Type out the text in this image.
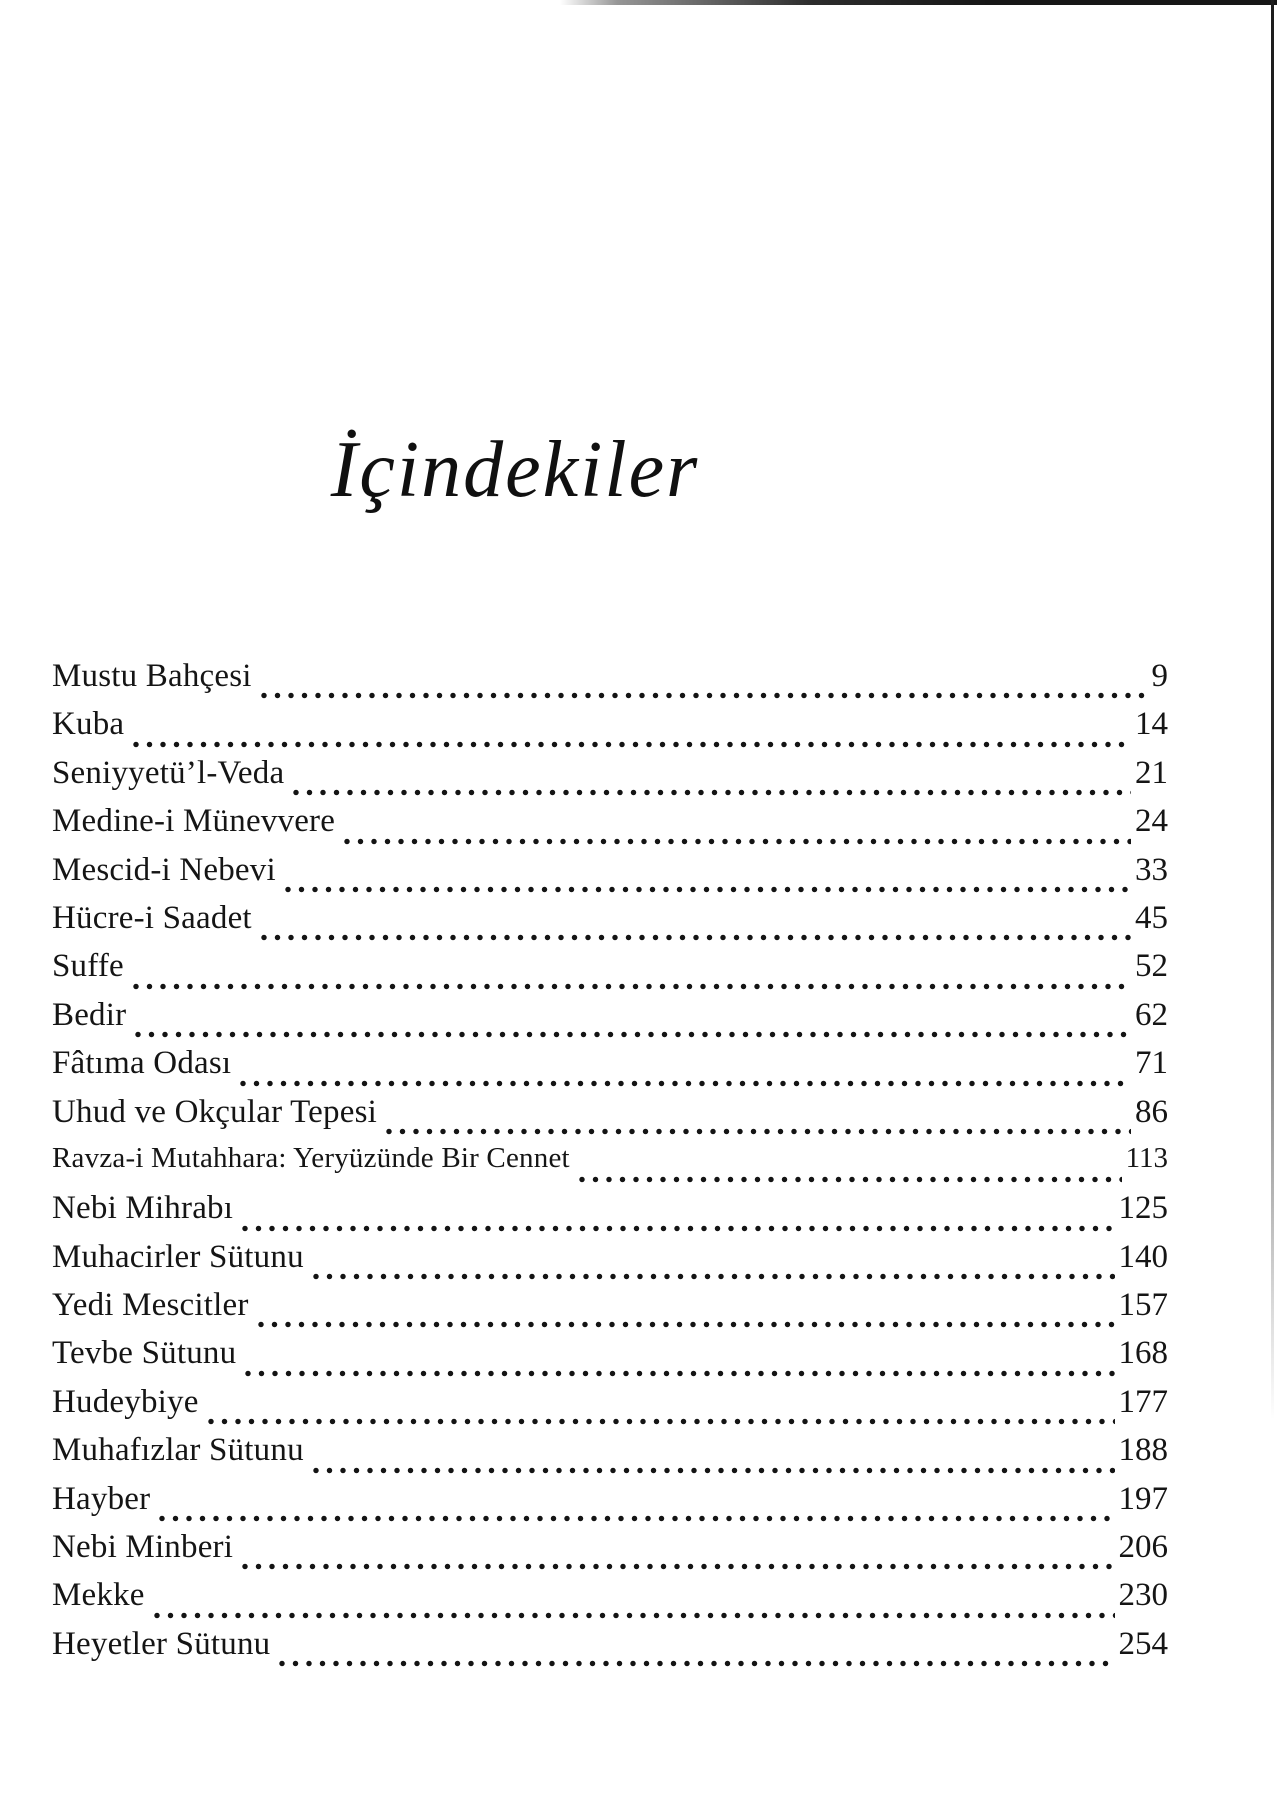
İçindekiler
Mustu Bahçesi	9
Kuba	14
Seniyyetü’l-Veda	21
Medine-i Münevvere	24
Mescid-i Nebevi	33
Hücre-i Saadet	45
Suffe	52
Bedir	62
Fâtıma Odası	71
Uhud ve Okçular Tepesi	86
Ravza-i Mutahhara: Yeryüzünde Bir Cennet	113
Nebi Mihrabı	125
Muhacirler Sütunu	140
Yedi Mescitler	157
Tevbe Sütunu	168
Hudeybiye	177
Muhafızlar Sütunu	188
Hayber	197
Nebi Minberi	206
Mekke	230
Heyetler Sütunu	254
